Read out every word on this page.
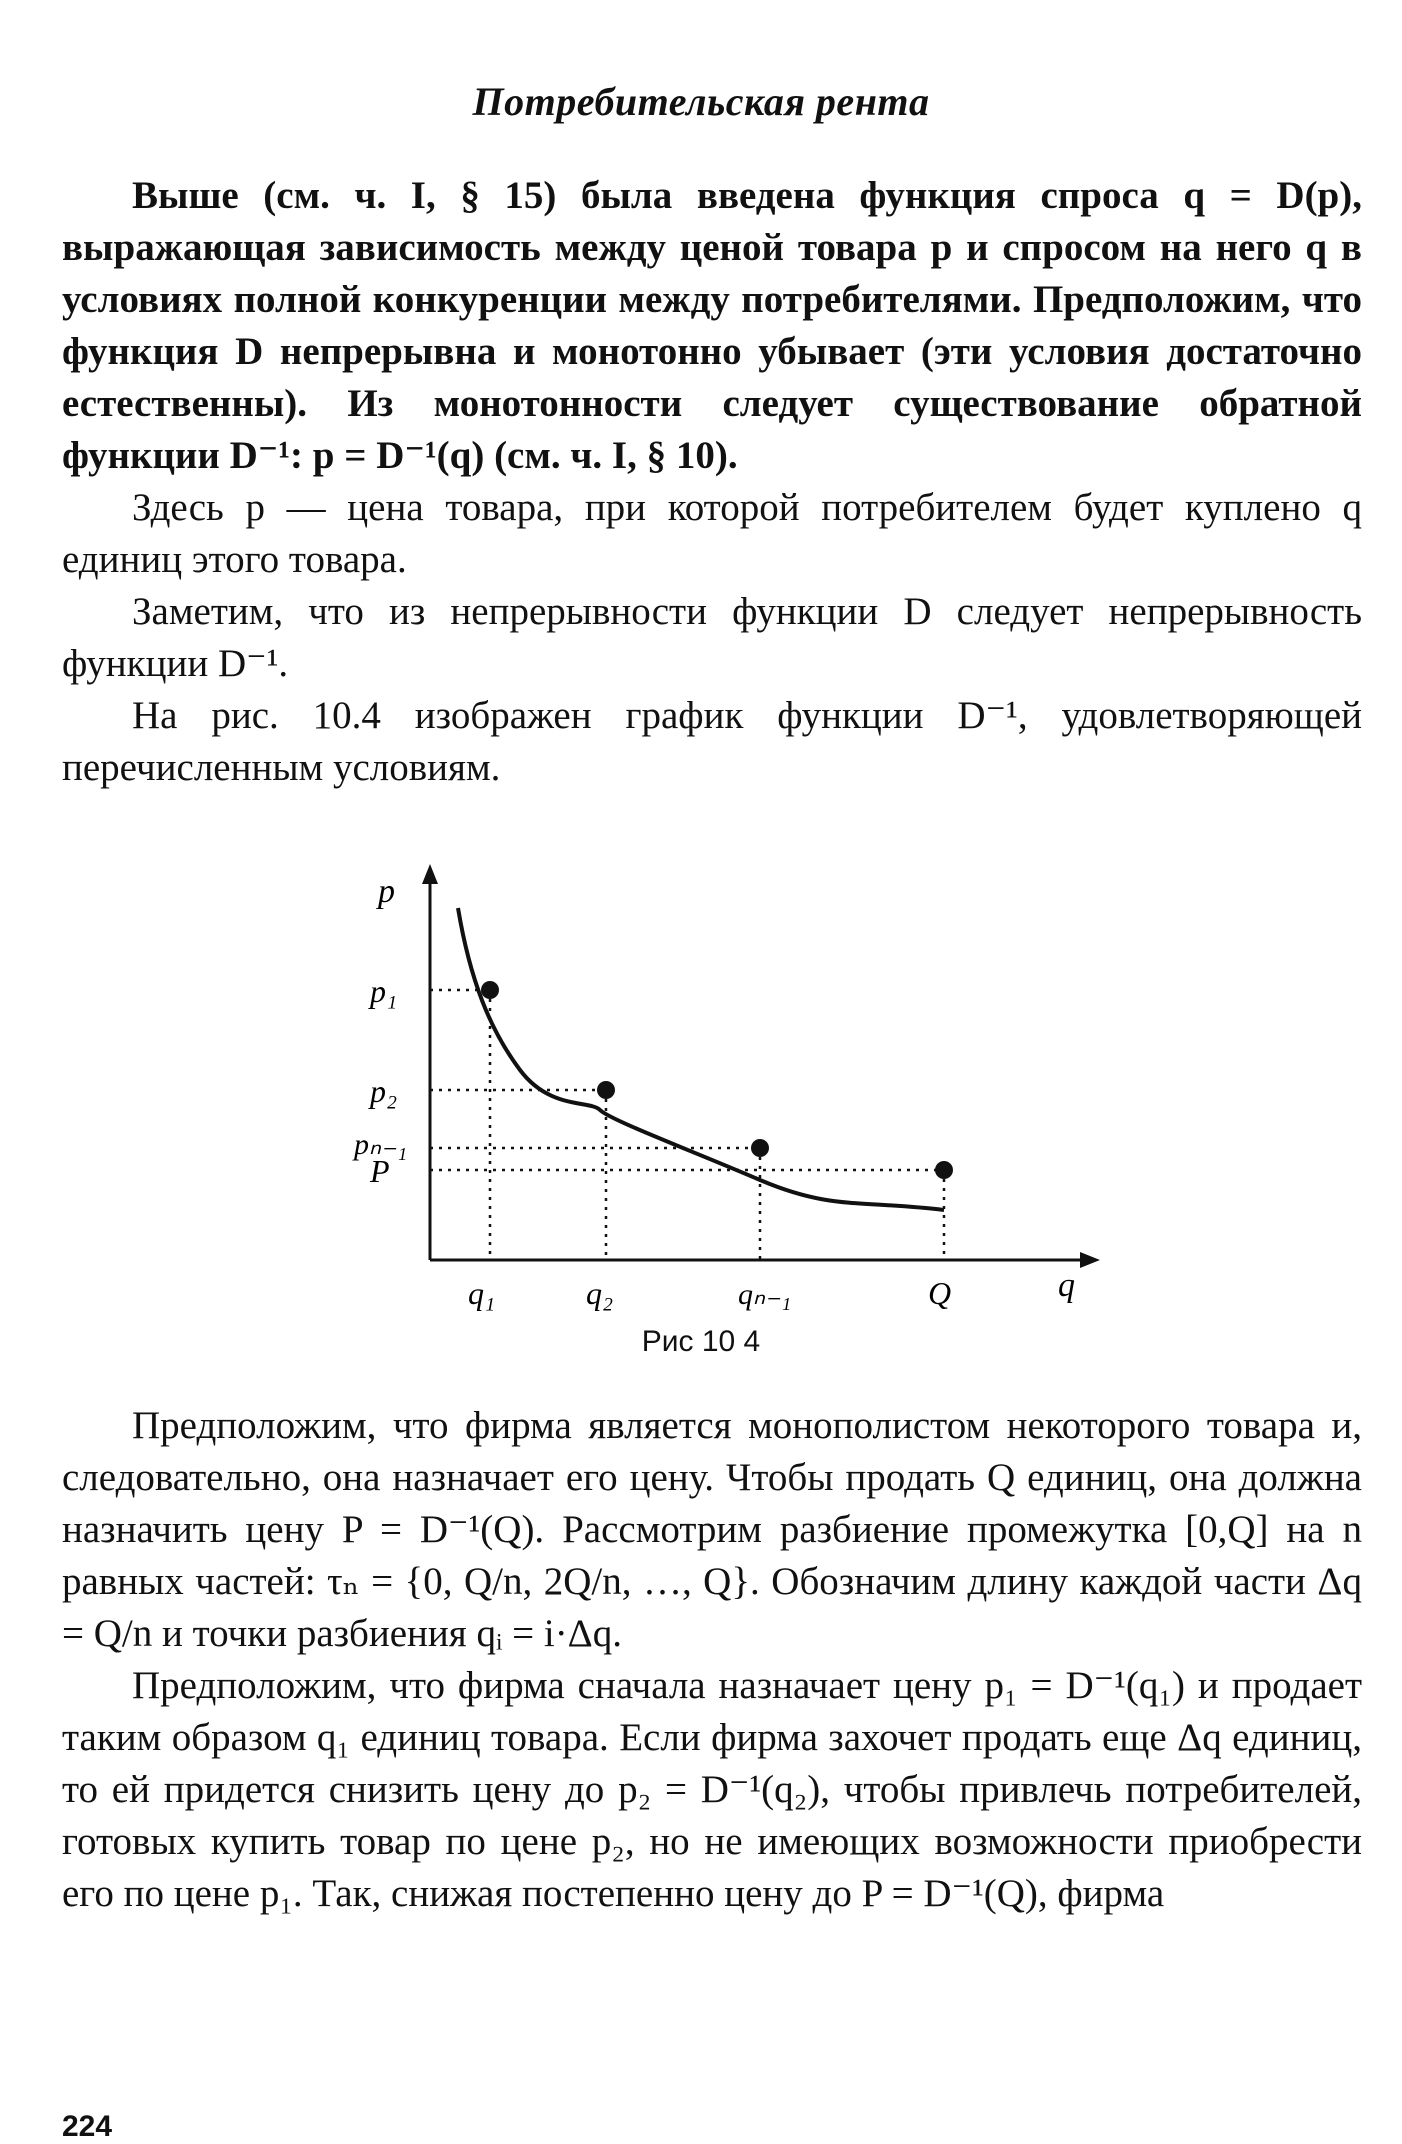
Потребительская рента

Выше (см. ч. I, § 15) была введена функция спроса q = D(p), выражающая зависимость между ценой товара p и спросом на него q в условиях полной конкуренции между потребителями. Предположим, что функция D непрерывна и монотонно убывает (эти условия достаточно естественны). Из монотонности следует существование обратной функции D⁻¹: p = D⁻¹(q) (см. ч. I, § 10).

Здесь p — цена товара, при которой потребителем будет куплено q единиц этого товара.

Заметим, что из непрерывности функции D следует непрерывность функции D⁻¹.

На рис. 10.4 изображен график функции D⁻¹, удовлетворяющей перечисленным условиям.

p
p₁
p₂
pₙ₋₁
P
q₁	q₂	qₙ₋₁	Q	q
Рис 10 4

Предположим, что фирма является монополистом некоторого товара и, следовательно, она назначает его цену. Чтобы продать Q единиц, она должна назначить цену P = D⁻¹(Q). Рассмотрим разбиение промежутка [0,Q] на n равных частей: τₙ = {0, Q/n, 2Q/n, …, Q}. Обозначим длину каждой части Δq = Q/n и точки разбиения qᵢ = i·Δq.

Предположим, что фирма сначала назначает цену p₁ = D⁻¹(q₁) и продает таким образом q₁ единиц товара. Если фирма захочет продать еще Δq единиц, то ей придется снизить цену до p₂ = D⁻¹(q₂), чтобы привлечь потребителей, готовых купить товар по цене p₂, но не имеющих возможности приобрести его по цене p₁. Так, снижая постепенно цену до P = D⁻¹(Q), фирма

224
